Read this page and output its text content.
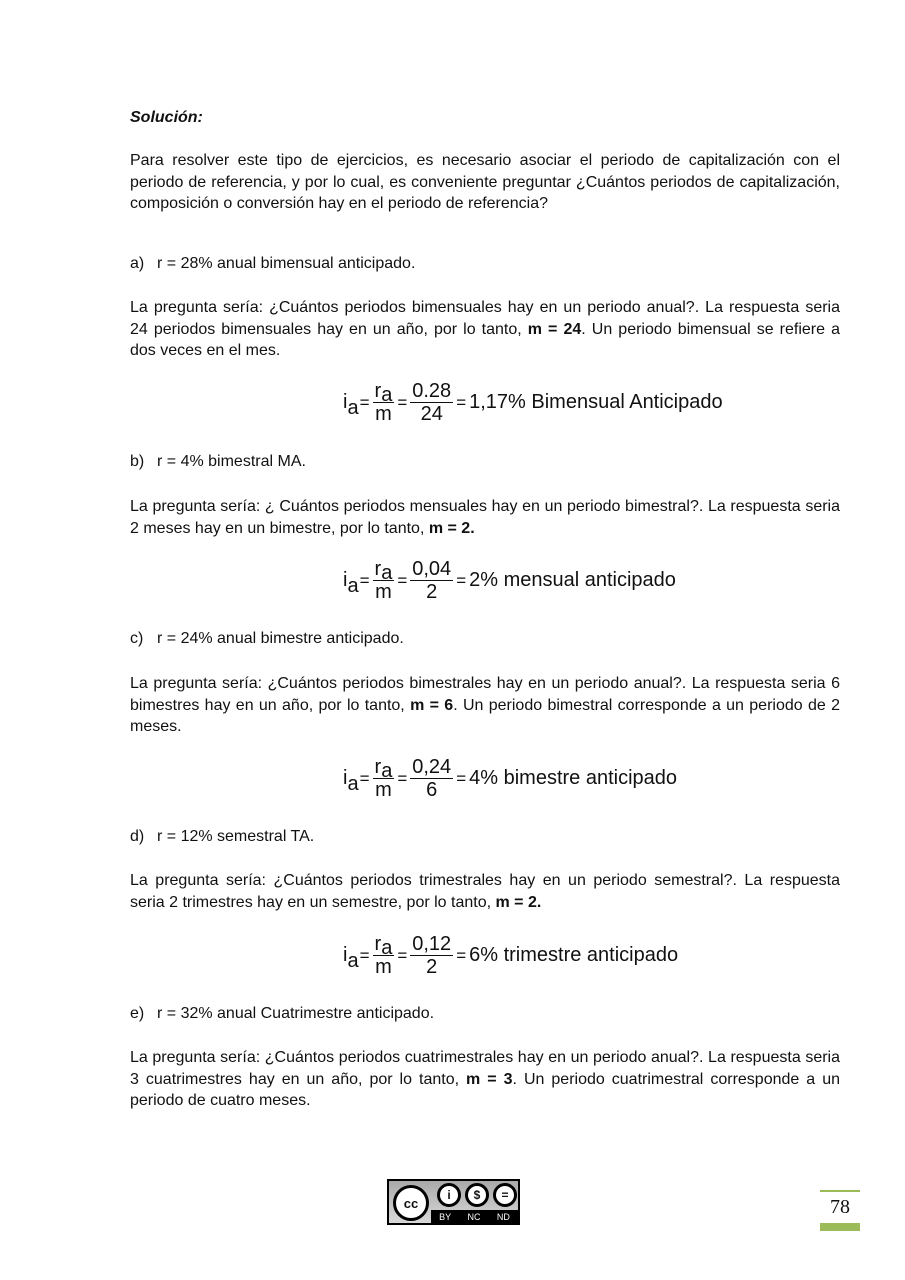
Solución:
Para resolver este tipo de ejercicios, es necesario asociar el periodo de capitalización con el periodo de referencia, y por lo cual, es conveniente preguntar ¿Cuántos periodos de capitalización, composición o conversión hay en el periodo de referencia?
a) r = 28% anual bimensual anticipado.
La pregunta sería: ¿Cuántos periodos bimensuales hay en un periodo anual?. La respuesta seria 24 periodos bimensuales hay en un año, por lo tanto, m = 24. Un periodo bimensual se refiere a dos veces en el mes.
i $a = \frac{ra}{m} = \frac{0.28}{24} = 1,17\%$ Bimensual Anticipado
b) r = 4% bimestral MA.
La pregunta sería: ¿ Cuántos periodos mensuales hay en un periodo bimestral?. La respuesta seria 2 meses hay en un bimestre, por lo tanto, m = 2.
i $a = \frac{ra}{m} = \frac{0,04}{2} = 2\%$ mensual anticipado
c) r = 24% anual bimestre anticipado.
La pregunta sería: ¿Cuántos periodos bimestrales hay en un periodo anual?. La respuesta seria 6 bimestres hay en un año, por lo tanto, m = 6. Un periodo bimestral corresponde a un periodo de 2 meses.
i $a = \frac{ra}{m} = \frac{0,24}{6} = 4\%$ bimestre anticipado
d) r = 12% semestral TA.
La pregunta sería: ¿Cuántos periodos trimestrales hay en un periodo semestral?. La respuesta seria 2 trimestres hay en un semestre, por lo tanto, m = 2.
i $a = \frac{ra}{m} = \frac{0,12}{2} = 6\%$ trimestre anticipado
e) r = 32% anual Cuatrimestre anticipado.
La pregunta sería: ¿Cuántos periodos cuatrimestrales hay en un periodo anual?. La respuesta seria 3 cuatrimestres hay en un año, por lo tanto, m = 3. Un periodo cuatrimestral corresponde a un periodo de cuatro meses.
cc
i	$	=
BY NC ND	78
